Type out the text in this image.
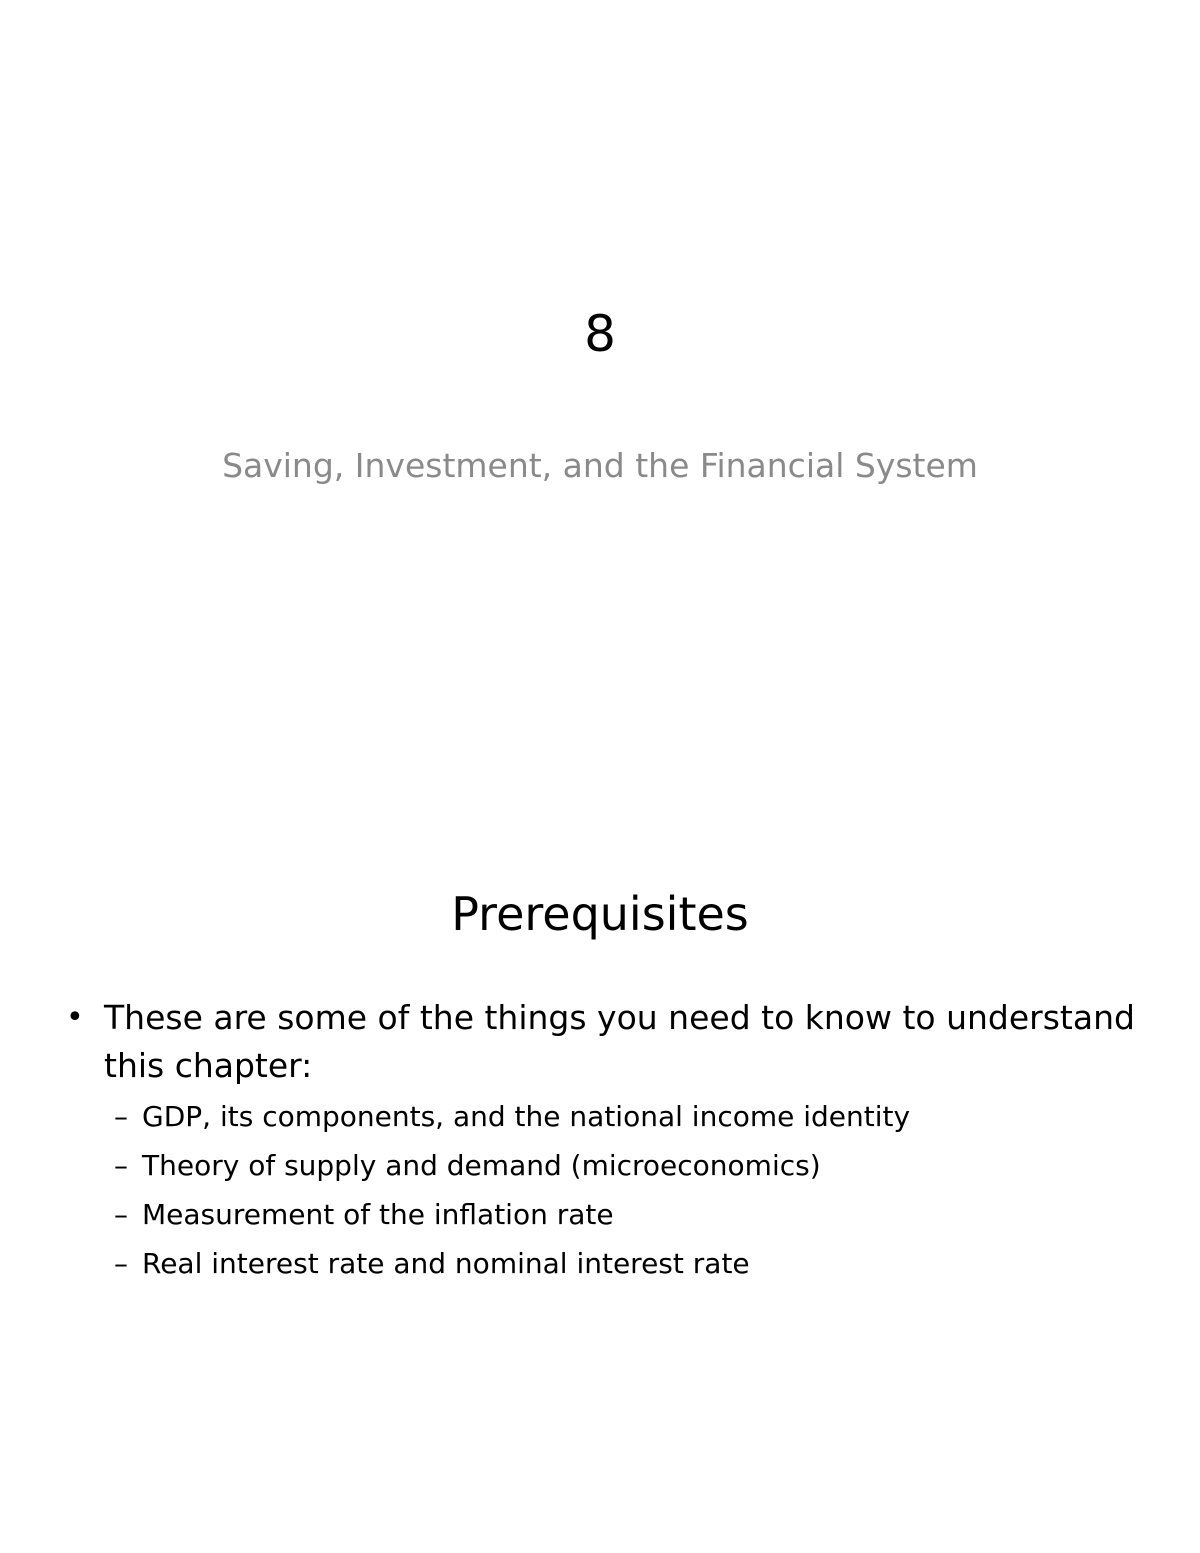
8
Saving, Investment, and the Financial System
Prerequisites
• These are some of the things you need to know to understand this chapter:
– GDP, its components, and the national income identity
– Theory of supply and demand (microeconomics)
– Measurement of the inflation rate
– Real interest rate and nominal interest rate
